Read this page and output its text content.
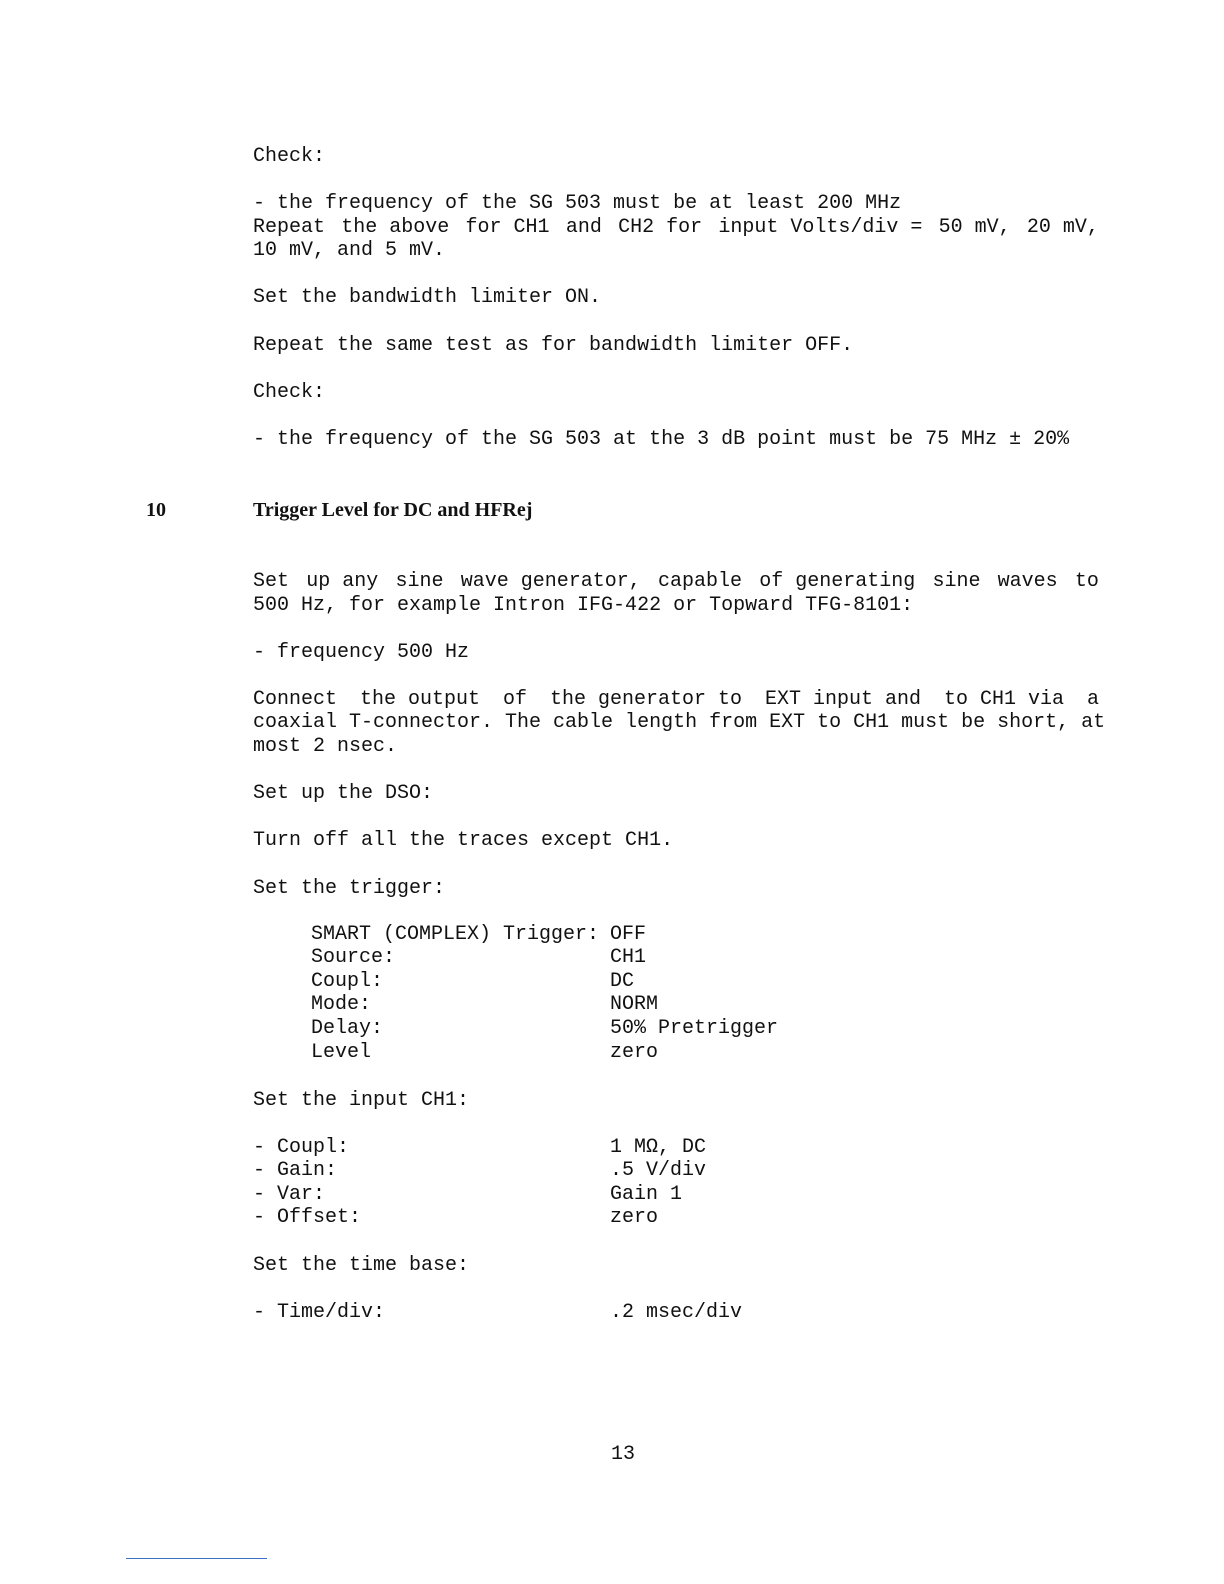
Check:
- the frequency of the SG 503 must be at least 200 MHz
Repeat the above for CH1 and CH2 for input Volts/div = 50 mV, 20 mV,
10 mV, and 5 mV.
Set the bandwidth limiter ON.
Repeat the same test as for bandwidth limiter OFF.
Check:
- the frequency of the SG 503 at the 3 dB point must be 75 MHz ± 20%
10	Trigger Level for DC and HFRej
Set up any sine wave generator, capable of generating sine waves to
500 Hz, for example Intron IFG-422 or Topward TFG-8101:
- frequency 500 Hz
Connect the output of the generator to EXT input and to CH1 via a
coaxial T-connector. The cable length from EXT to CH1 must be short, at
most 2 nsec.
Set up the DSO:
Turn off all the traces except CH1.
Set the trigger:
SMART (COMPLEX) Trigger: OFF
Source:	CH1
Coupl:	DC
Mode:	NORM
Delay:	50% Pretrigger
Level	zero
Set the input CH1:
- Coupl:	1 MΩ, DC
- Gain:	.5 V/div
- Var:	Gain 1
- Offset:	zero
Set the time base:
- Time/div:	.2 msec/div
13
